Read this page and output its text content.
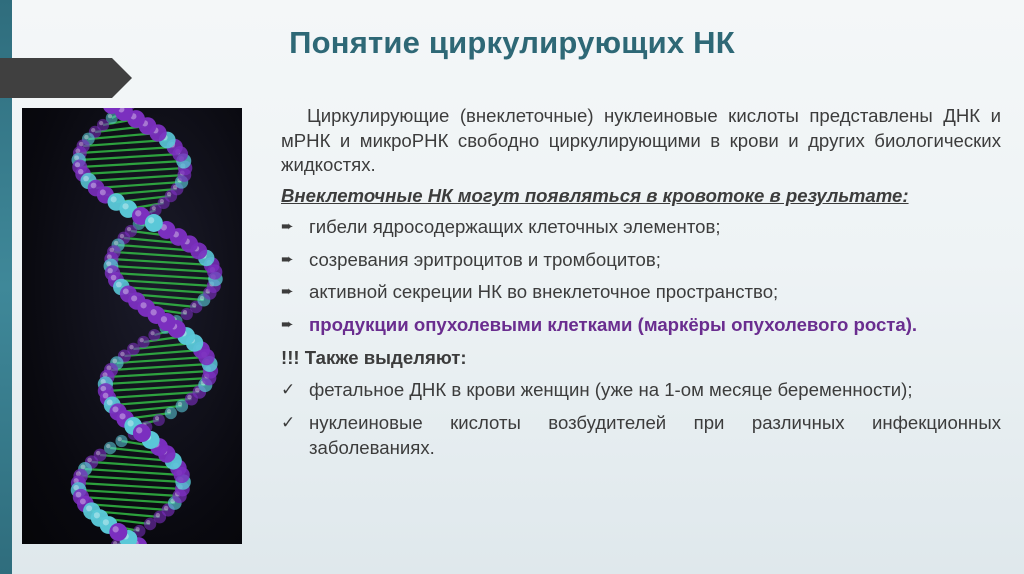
Понятие циркулирующих НК

Циркулирующие (внеклеточные) нуклеиновые кислоты представлены ДНК и мРНК и микроРНК свободно циркулирующими в крови и других биологических жидкостях.

Внеклеточные НК могут появляться в кровотоке в результате:

➨ гибели ядросодержащих клеточных элементов;
➨ созревания эритроцитов и тромбоцитов;
➨ активной секреции НК во внеклеточное пространство;
➨ продукции опухолевыми клетками (маркёры опухолевого роста).

!!! Также выделяют:

✓ фетальное ДНК в крови женщин (уже на 1-ом месяце беременности);
✓ нуклеиновые кислоты возбудителей при различных инфекционных заболеваниях.
